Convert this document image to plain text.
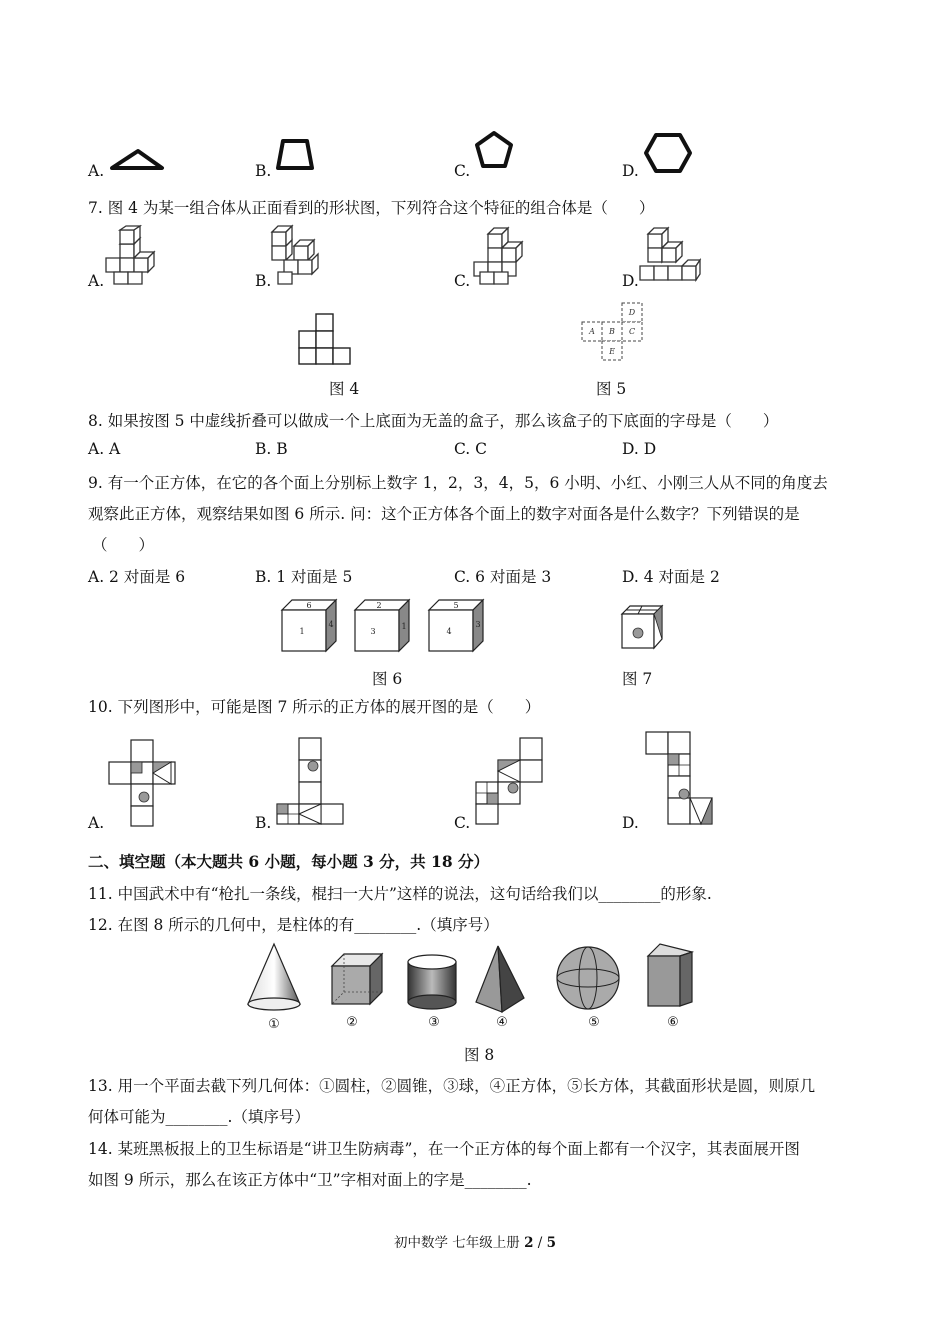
A.	B.	C.	D.
7. 图 4 为某一组合体从正面看到的形状图，下列符合这个特征的组合体是（　　）
A.	B.	C.	D.
图 4
A B C
D
E
图 5
8. 如果按图 5 中虚线折叠可以做成一个上底面为无盖的盒子，那么该盒子的下底面的字母是（　　）
A. A	B. B	C. C	D. D
9. 有一个正方体，在它的各个面上分别标上数字 1，2，3，4，5，6 小明、小红、小刚三人从不同的角度去
观察此正方体，观察结果如图 6 所示. 问：这个正方体各个面上的数字对面各是什么数字？下列错误的是
（　　）
A. 2 对面是 6	B. 1 对面是 5	C. 6 对面是 3	D. 4 对面是 2
6
1
4
2
3
1
5
4
3
图 6	图 7
10. 下列图形中，可能是图 7 所示的正方体的展开图的是（　　）
A.	B.	C.	D.
二、填空题（本大题共 6 小题，每小题 3 分，共 18 分）
11. 中国武术中有“枪扎一条线，棍扫一大片”这样的说法，这句话给我们以________的形象.
12. 在图 8 所示的几何中，是柱体的有________.（填序号）
①	②	③	④	⑤	⑥
图 8
13. 用一个平面去截下列几何体：①圆柱，②圆锥，③球，④正方体，⑤长方体，其截面形状是圆，则原几
何体可能为________.（填序号）
14. 某班黑板报上的卫生标语是“讲卫生防病毒”，在一个正方体的每个面上都有一个汉字，其表面展开图
如图 9 所示，那么在该正方体中“卫”字相对面上的字是________.
初中数学 七年级上册 2 / 5
